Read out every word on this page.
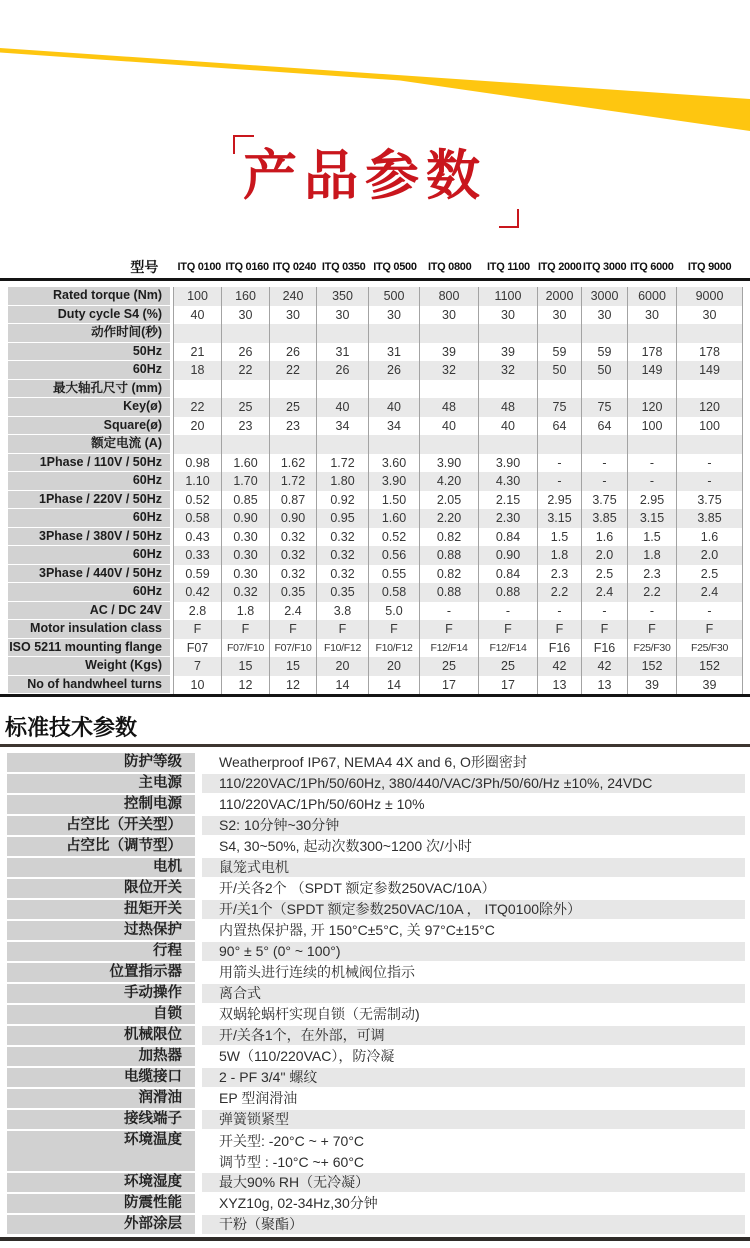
产品参数
型号	ITQ 0100 ITQ 0160 ITQ 0240 ITQ 0350 ITQ 0500	ITQ 0800	ITQ 1100 ITQ 2000 ITQ 3000 ITQ 6000	ITQ 9000
Rated torque (Nm)	100	160	240	350	500	800	1100	2000	3000	6000	9000
Duty cycle S4 (%)	40	30	30	30	30	30	30	30	30	30	30
动作时间(秒)
50Hz	21	26	26	31	31	39	39	59	59	178	178
60Hz	18	22	22	26	26	32	32	50	50	149	149
最大轴孔尺寸 (mm)
Key(ø)	22	25	25	40	40	48	48	75	75	120	120
Square(ø)	20	23	23	34	34	40	40	64	64	100	100
额定电流 (A)
1Phase / 110V / 50Hz	0.98	1.60	1.62	1.72	3.60	3.90	3.90	-	-	-	-
60Hz	1.10	1.70	1.72	1.80	3.90	4.20	4.30	-	-	-	-
1Phase / 220V / 50Hz	0.52	0.85	0.87	0.92	1.50	2.05	2.15	2.95	3.75	2.95	3.75
60Hz	0.58	0.90	0.90	0.95	1.60	2.20	2.30	3.15	3.85	3.15	3.85
3Phase / 380V / 50Hz	0.43	0.30	0.32	0.32	0.52	0.82	0.84	1.5	1.6	1.5	1.6
60Hz	0.33	0.30	0.32	0.32	0.56	0.88	0.90	1.8	2.0	1.8	2.0
3Phase / 440V / 50Hz	0.59	0.30	0.32	0.32	0.55	0.82	0.84	2.3	2.5	2.3	2.5
60Hz	0.42	0.32	0.35	0.35	0.58	0.88	0.88	2.2	2.4	2.2	2.4
AC / DC 24V	2.8	1.8	2.4	3.8	5.0	-	-	-	-	-	-
Motor insulation class	F	F	F	F	F	F	F	F	F	F	F
ISO 5211 mounting flange	F07	F07/F10 F07/F10	F10/F12	F10/F12	F12/F14	F12/F14	F16	F16	F25/F30	F25/F30
Weight (Kgs)	7	15	15	20	20	25	25	42	42	152	152
No of handwheel turns	10	12	12	14	14	17	17	13	13	39	39
标准技术参数
防护等级	Weatherproof IP67, NEMA4 4X and 6, O形圈密封
主电源	110/220VAC/1Ph/50/60Hz, 380/440/VAC/3Ph/50/60/Hz ±10%, 24VDC
控制电源	110/220VAC/1Ph/50/60Hz ± 10%
占空比（开关型）	S2: 10分钟~30分钟
占空比（调节型）	S4, 30~50%, 起动次数300~1200 次/小时
电机	鼠笼式电机
限位开关	开/关各2个 （SPDT 额定参数250VAC/10A）
扭矩开关	开/关1个（SPDT 额定参数250VAC/10A ， ITQ0100除外）
过热保护	内置热保护器, 开 150°C±5°C, 关 97°C±15°C
行程	90° ± 5° (0° ~ 100°)
位置指示器	用箭头进行连续的机械阀位指示
手动操作	离合式
自锁	双蜗轮蜗杆实现自锁（无需制动)
机械限位	开/关各1个，在外部，可调
加热器	5W（110/220VAC），防冷凝
电缆接口	2 - PF 3/4" 螺纹
润滑油	EP 型润滑油
接线端子	弹簧锁紧型
环境温度	开关型: -20°C ~ + 70°C
调节型 : -10°C ~+ 60°C
环境湿度	最大90% RH（无冷凝）
防震性能	XYZ10g, 02-34Hz,30分钟
外部涂层	干粉（聚酯）
